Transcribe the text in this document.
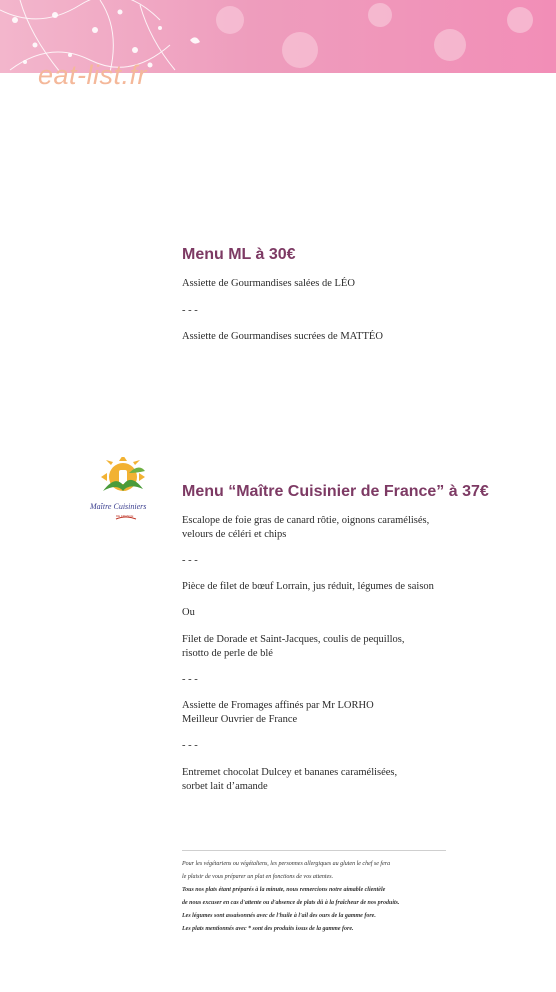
eat-list.fr
Menu ML à 30€

Assiette de Gourmandises salées de LÉO

- - -

Assiette de Gourmandises sucrées de MATTÉO

Maître Cuisiniers
DE FRANCE
Menu “Maître Cuisinier de France” à 37€

Escalope de foie gras de canard rôtie, oignons caramélisés,

velours de céléri et chips

- - -

Pièce de filet de bœuf Lorrain, jus réduit, légumes de saison

Ou

Filet de Dorade et Saint-Jacques, coulis de pequillos,

risotto de perle de blé

- - -

Assiette de Fromages affinés par Mr LORHO

Meilleur Ouvrier de France

- - -

Entremet chocolat Dulcey et bananes caramélisées,

sorbet lait d’amande

Pour les végétariens ou végétaliens, les personnes allergiques au gluten le chef se fera

le plaisir de vous préparer un plat en fonctions de vos attentes.

Tous nos plats étant préparés à la minute, nous remercions notre aimable clientèle

de nous excuser en cas d'attente ou d'absence de plats dû à la fraîcheur de nos produits.

Les légumes sont assaisonnés avec de l'huile à l'ail des ours de la gamme fore.

Les plats mentionnés avec * sont des produits issus de la gamme fore.
